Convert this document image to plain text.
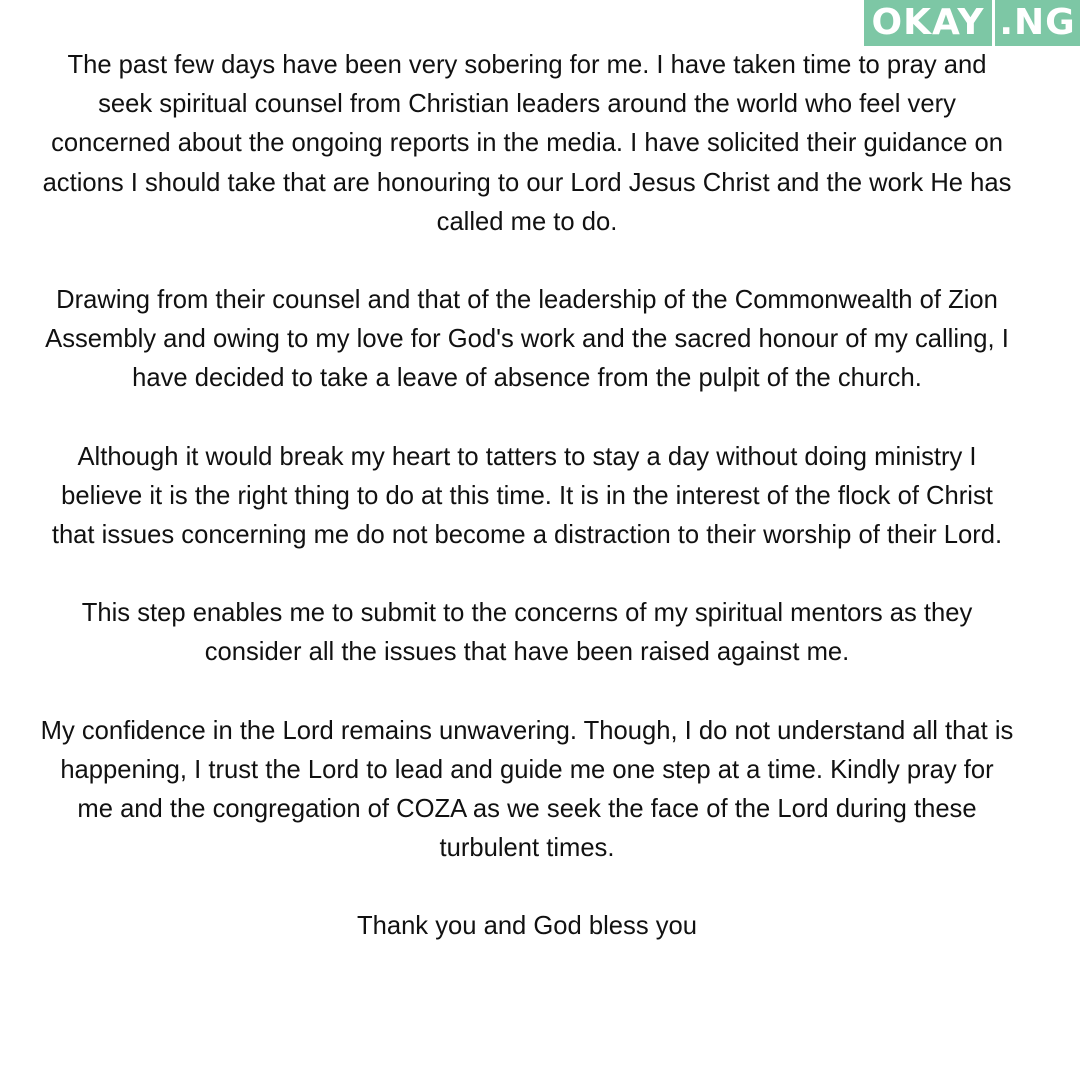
OKAY .NG

The past few days have been very sobering for me. I have taken time to pray and seek spiritual counsel from Christian leaders around the world who feel very concerned about the ongoing reports in the media. I have solicited their guidance on actions I should take that are honouring to our Lord Jesus Christ and the work He has called me to do.

Drawing from their counsel and that of the leadership of the Commonwealth of Zion Assembly and owing to my love for God's work and the sacred honour of my calling, I have decided to take a leave of absence from the pulpit of the church.

Although it would break my heart to tatters to stay a day without doing ministry I believe it is the right thing to do at this time. It is in the interest of the flock of Christ that issues concerning me do not become a distraction to their worship of their Lord.

This step enables me to submit to the concerns of my spiritual mentors as they consider all the issues that have been raised against me.

My confidence in the Lord remains unwavering. Though, I do not understand all that is happening, I trust the Lord to lead and guide me one step at a time. Kindly pray for me and the congregation of COZA as we seek the face of the Lord during these turbulent times.

Thank you and God bless you
